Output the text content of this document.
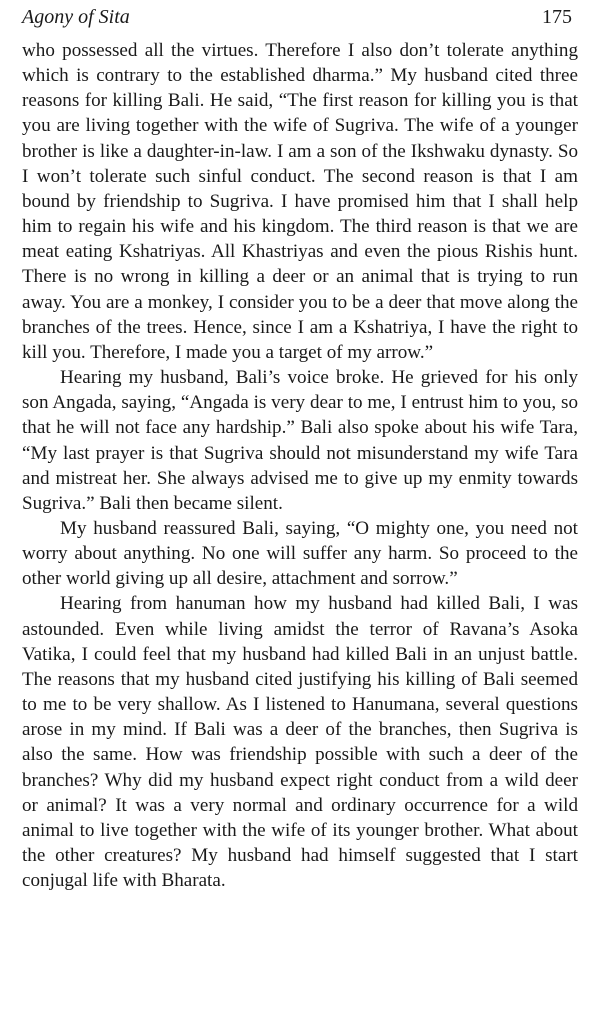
Agony of Sita	175

who possessed all the virtues. Therefore I also don’t tolerate anything which is contrary to the established dharma.” My husband cited three reasons for killing Bali. He said, “The first reason for killing you is that you are living together with the wife of Sugriva. The wife of a younger brother is like a daughter-in-law. I am a son of the Ikshwaku dynasty. So I won’t tolerate such sinful conduct. The second reason is that I am bound by friendship to Sugriva. I have promised him that I shall help him to regain his wife and his kingdom. The third reason is that we are meat eating Kshatriyas. All Khastriyas and even the pious Rishis hunt. There is no wrong in killing a deer or an animal that is trying to run away. You are a monkey, I consider you to be a deer that move along the branches of the trees. Hence, since I am a Kshatriya, I have the right to kill you. Therefore, I made you a target of my arrow.”

Hearing my husband, Bali’s voice broke. He grieved for his only son Angada, saying, “Angada is very dear to me, I entrust him to you, so that he will not face any hardship.” Bali also spoke about his wife Tara, “My last prayer is that Sugriva should not misunderstand my wife Tara and mistreat her. She always advised me to give up my enmity towards Sugriva.” Bali then became silent.

My husband reassured Bali, saying, “O mighty one, you need not worry about anything. No one will suffer any harm. So proceed to the other world giving up all desire, attachment and sorrow.”

Hearing from hanuman how my husband had killed Bali, I was astounded. Even while living amidst the terror of Ravana’s Asoka Vatika, I could feel that my husband had killed Bali in an unjust battle. The reasons that my husband cited justifying his killing of Bali seemed to me to be very shallow. As I listened to Hanumana, several questions arose in my mind. If Bali was a deer of the branches, then Sugriva is also the same. How was friendship possible with such a deer of the branches? Why did my husband expect right conduct from a wild deer or animal? It was a very normal and ordinary occurrence for a wild animal to live together with the wife of its younger brother. What about the other creatures? My husband had himself suggested that I start conjugal life with Bharata.
